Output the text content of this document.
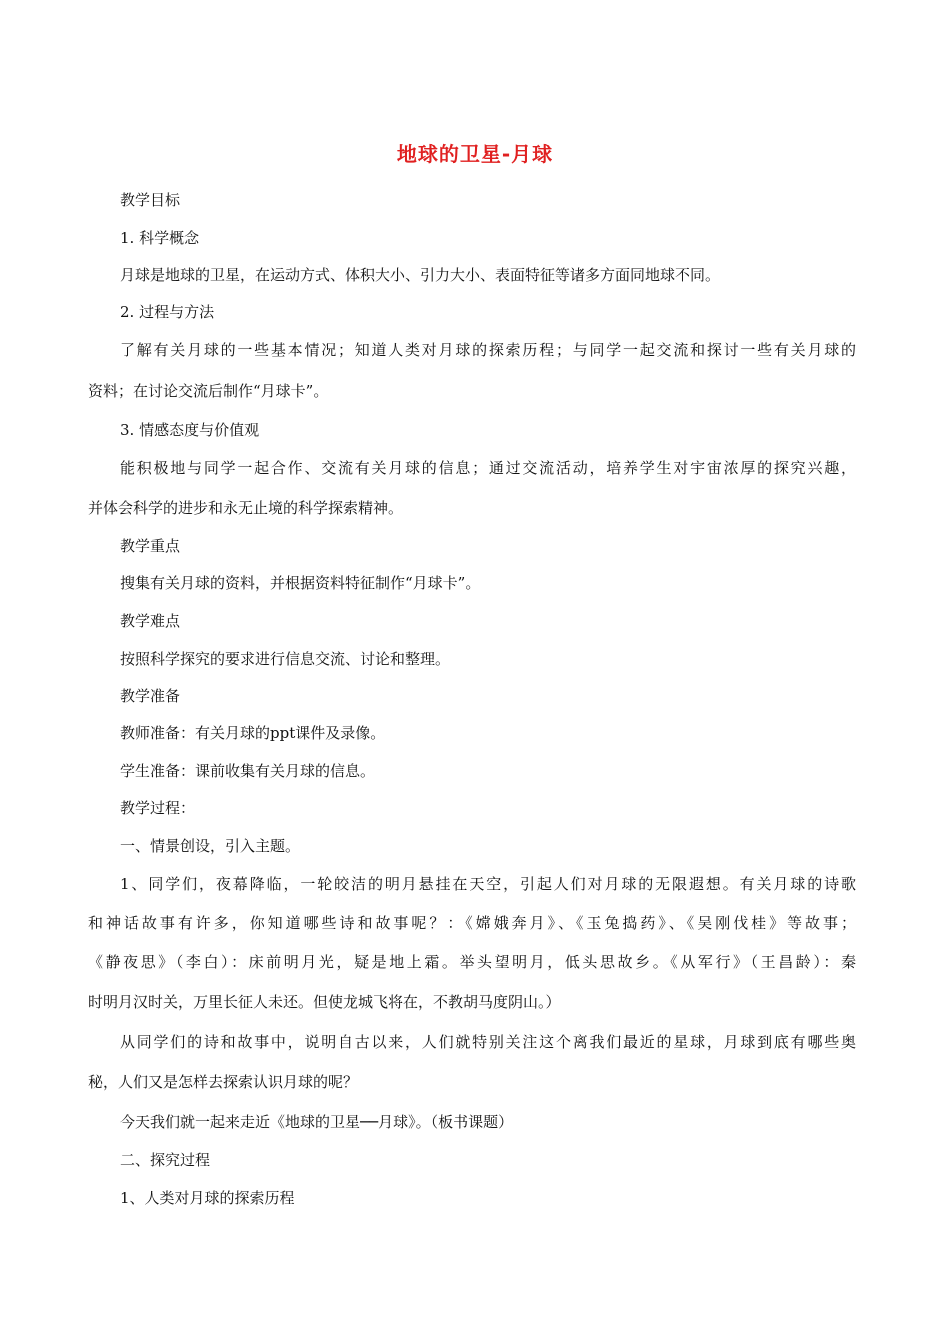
地球的卫星-月球
教学目标
1. 科学概念
月球是地球的卫星，在运动方式、体积大小、引力大小、表面特征等诸多方面同地球不同。
2. 过程与方法
了解有关月球的一些基本情况；知道人类对月球的探索历程；与同学一起交流和探讨一些有关月球的
资料；在讨论交流后制作“月球卡”。
3. 情感态度与价值观
能积极地与同学一起合作、交流有关月球的信息；通过交流活动，培养学生对宇宙浓厚的探究兴趣，
并体会科学的进步和永无止境的科学探索精神。
教学重点
搜集有关月球的资料，并根据资料特征制作“月球卡”。
教学难点
按照科学探究的要求进行信息交流、讨论和整理。
教学准备
教师准备：有关月球的ppt课件及录像。
学生准备：课前收集有关月球的信息。
教学过程：
一、情景创设，引入主题。
1、同学们，夜幕降临，一轮皎洁的明月悬挂在天空，引起人们对月球的无限遐想。有关月球的诗歌
和神话故事有许多，你知道哪些诗和故事呢？：《嫦娥奔月》、《玉兔捣药》、《吴刚伐桂》等故事；
《静夜思》（李白）：床前明月光，疑是地上霜。举头望明月，低头思故乡。《从军行》（王昌龄）：秦
时明月汉时关，万里长征人未还。但使龙城飞将在，不教胡马度阴山。）
从同学们的诗和故事中，说明自古以来，人们就特别关注这个离我们最近的星球，月球到底有哪些奥
秘，人们又是怎样去探索认识月球的呢？
今天我们就一起来走近《地球的卫星──月球》。（板书课题）
二、探究过程
1、人类对月球的探索历程
